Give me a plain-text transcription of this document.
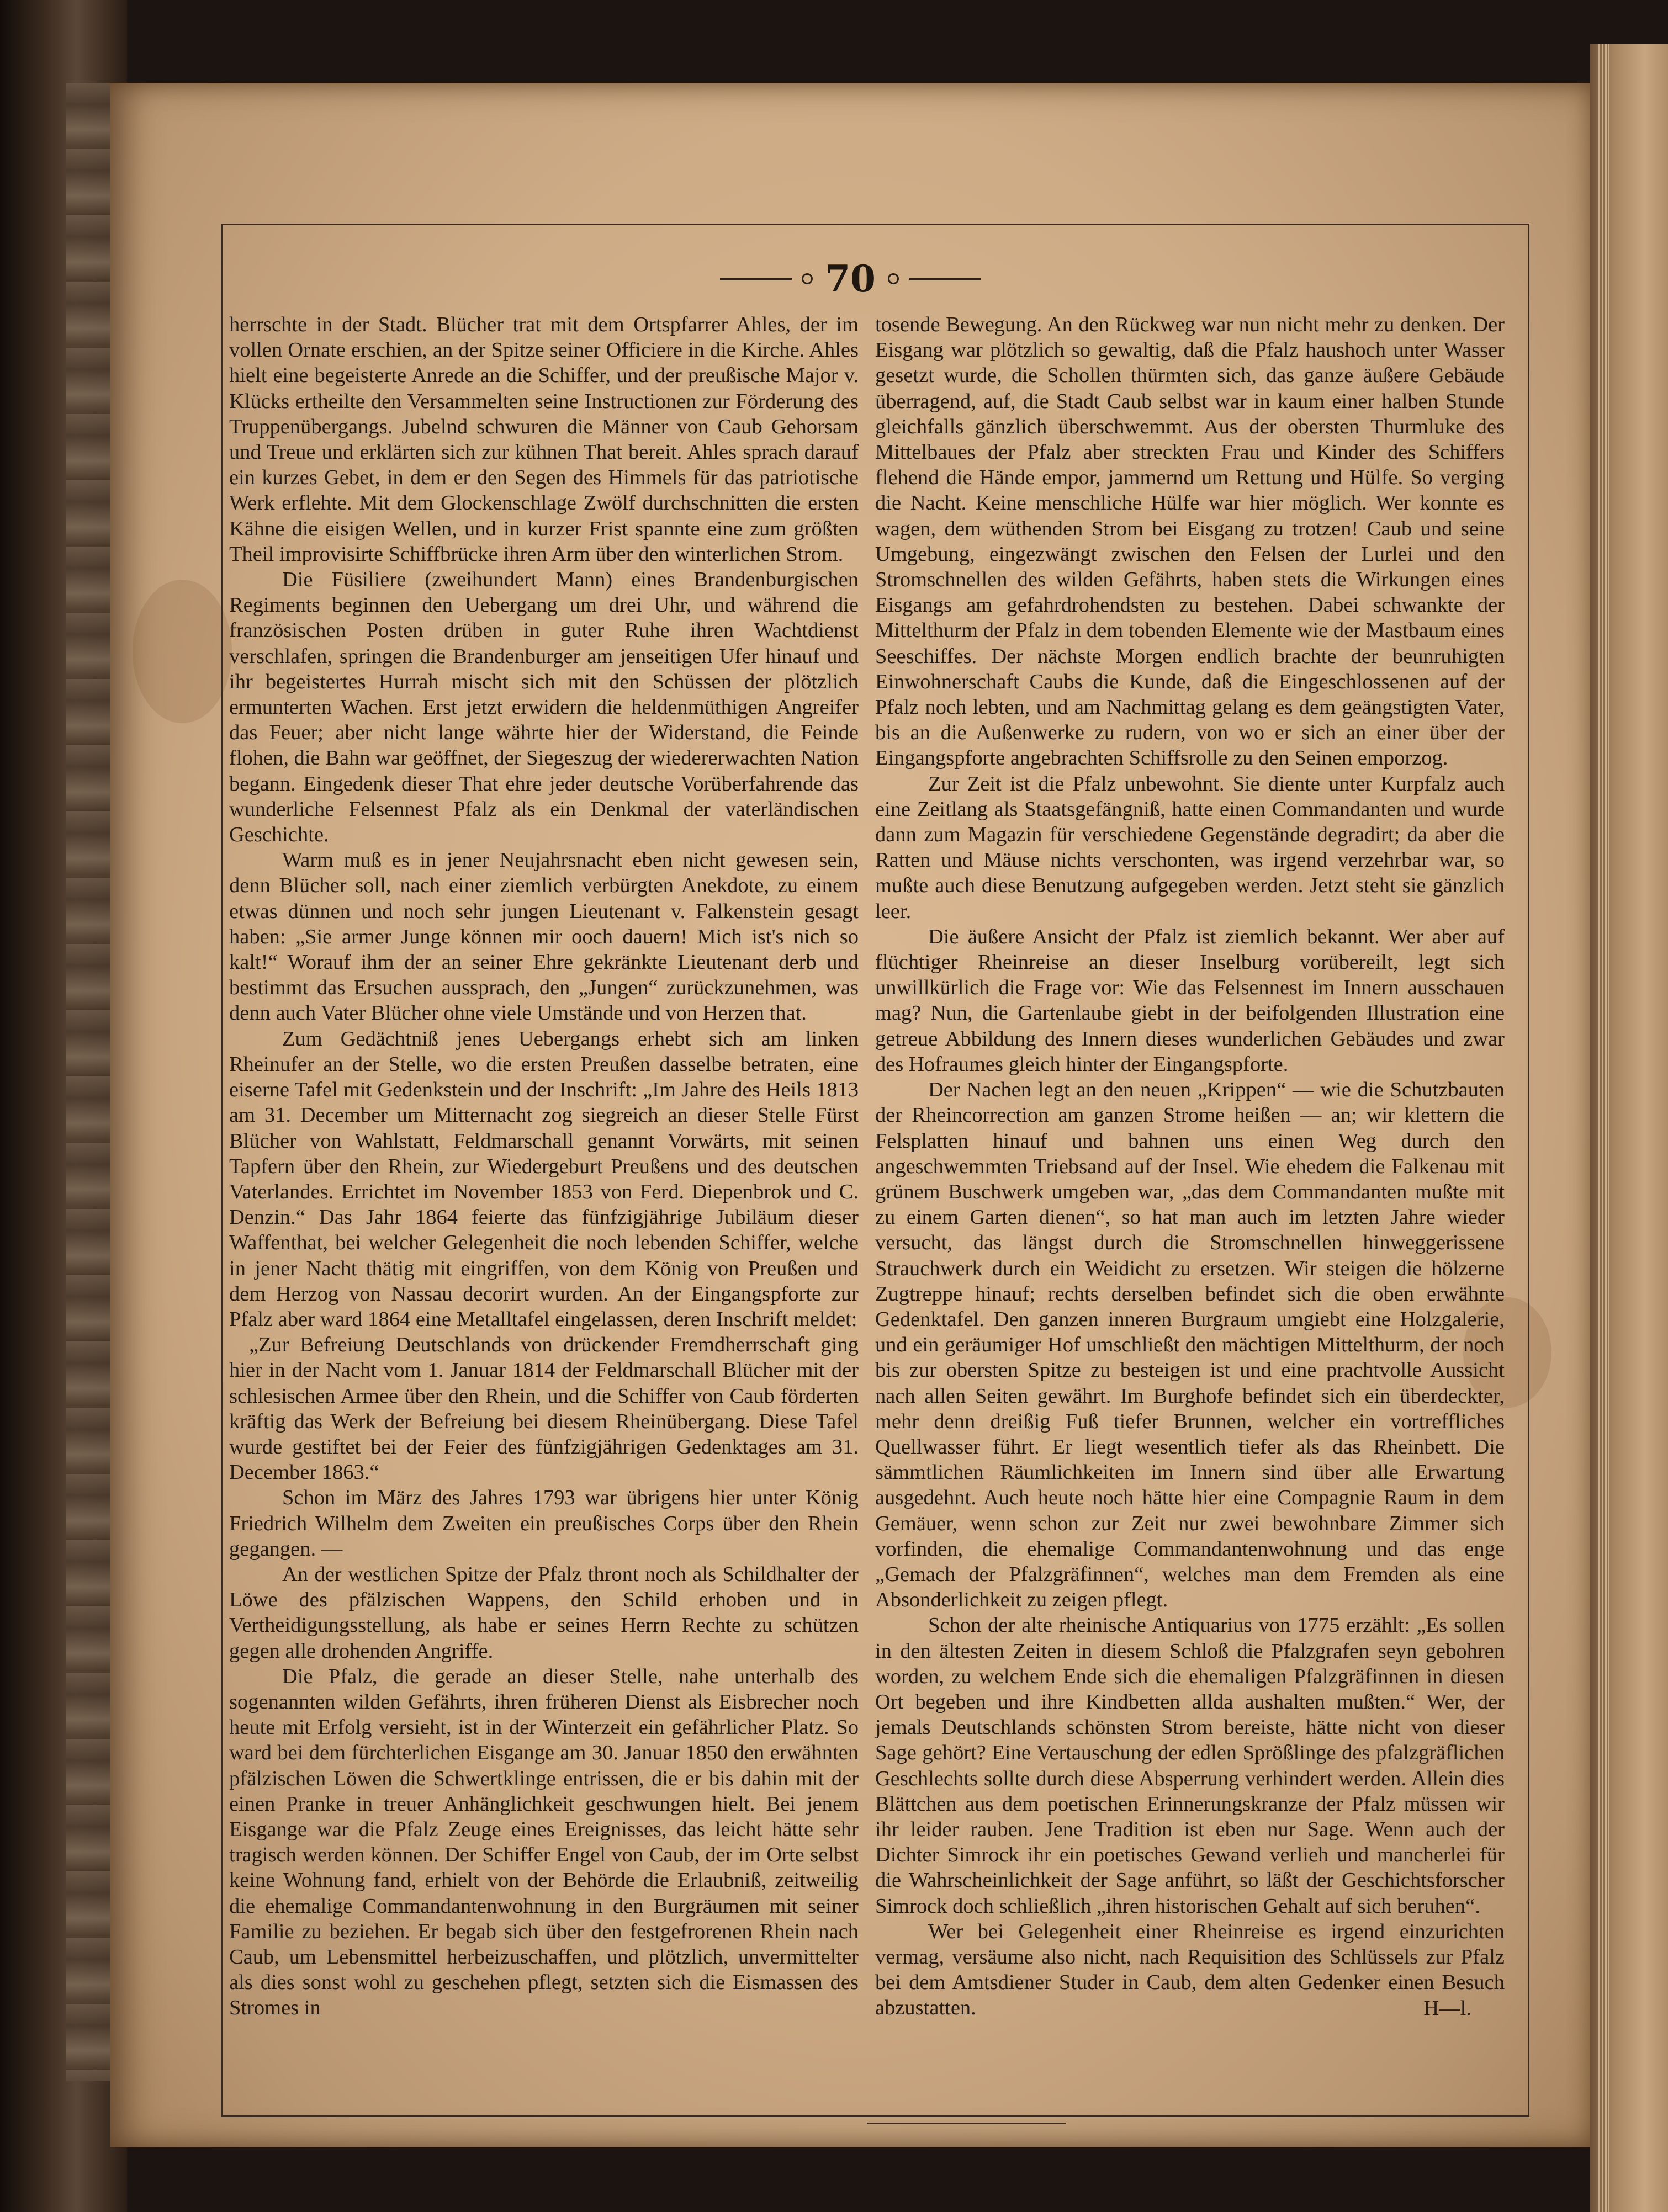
70

herrschte in der Stadt. Blücher trat mit dem Ortspfarrer Ahles, der im vollen Ornate erschien, an der Spitze seiner Officiere in die Kirche. Ahles hielt eine begeisterte Anrede an die Schiffer, und der preußische Major v. Klücks ertheilte den Versammelten seine Instructionen zur Förderung des Truppenübergangs. Jubelnd schwuren die Männer von Caub Gehorsam und Treue und erklärten sich zur kühnen That bereit. Ahles sprach darauf ein kurzes Gebet, in dem er den Segen des Himmels für das patriotische Werk erflehte. Mit dem Glockenschlage Zwölf durchschnitten die ersten Kähne die eisigen Wellen, und in kurzer Frist spannte eine zum größten Theil improvisirte Schiffbrücke ihren Arm über den winterlichen Strom.

Die Füsiliere (zweihundert Mann) eines Brandenburgischen Regiments beginnen den Uebergang um drei Uhr, und während die französischen Posten drüben in guter Ruhe ihren Wachtdienst verschlafen, springen die Brandenburger am jenseitigen Ufer hinauf und ihr begeistertes Hurrah mischt sich mit den Schüssen der plötzlich ermunterten Wachen. Erst jetzt erwidern die heldenmüthigen Angreifer das Feuer; aber nicht lange währte hier der Widerstand, die Feinde flohen, die Bahn war geöffnet, der Siegeszug der wiedererwachten Nation begann. Eingedenk dieser That ehre jeder deutsche Vorüberfahrende das wunderliche Felsennest Pfalz als ein Denkmal der vaterländischen Geschichte.

Warm muß es in jener Neujahrsnacht eben nicht gewesen sein, denn Blücher soll, nach einer ziemlich verbürgten Anekdote, zu einem etwas dünnen und noch sehr jungen Lieutenant v. Falkenstein gesagt haben: „Sie armer Junge können mir ooch dauern! Mich ist's nich so kalt!“ Worauf ihm der an seiner Ehre gekränkte Lieutenant derb und bestimmt das Ersuchen aussprach, den „Jungen“ zurückzunehmen, was denn auch Vater Blücher ohne viele Umstände und von Herzen that.

Zum Gedächtniß jenes Uebergangs erhebt sich am linken Rheinufer an der Stelle, wo die ersten Preußen dasselbe betraten, eine eiserne Tafel mit Gedenkstein und der Inschrift: „Im Jahre des Heils 1813 am 31. December um Mitternacht zog siegreich an dieser Stelle Fürst Blücher von Wahlstatt, Feldmarschall genannt Vorwärts, mit seinen Tapfern über den Rhein, zur Wiedergeburt Preußens und des deutschen Vaterlandes. Errichtet im November 1853 von Ferd. Diepenbrok und C. Denzin.“ Das Jahr 1864 feierte das fünfzigjährige Jubiläum dieser Waffenthat, bei welcher Gelegenheit die noch lebenden Schiffer, welche in jener Nacht thätig mit eingriffen, von dem König von Preußen und dem Herzog von Nassau decorirt wurden. An der Eingangspforte zur Pfalz aber ward 1864 eine Metalltafel eingelassen, deren Inschrift meldet:

„Zur Befreiung Deutschlands von drückender Fremdherrschaft ging hier in der Nacht vom 1. Januar 1814 der Feldmarschall Blücher mit der schlesischen Armee über den Rhein, und die Schiffer von Caub förderten kräftig das Werk der Befreiung bei diesem Rheinübergang. Diese Tafel wurde gestiftet bei der Feier des fünfzigjährigen Gedenktages am 31. December 1863.“

Schon im März des Jahres 1793 war übrigens hier unter König Friedrich Wilhelm dem Zweiten ein preußisches Corps über den Rhein gegangen. —

An der westlichen Spitze der Pfalz thront noch als Schildhalter der Löwe des pfälzischen Wappens, den Schild erhoben und in Vertheidigungsstellung, als habe er seines Herrn Rechte zu schützen gegen alle drohenden Angriffe.

Die Pfalz, die gerade an dieser Stelle, nahe unterhalb des sogenannten wilden Gefährts, ihren früheren Dienst als Eisbrecher noch heute mit Erfolg versieht, ist in der Winterzeit ein gefährlicher Platz. So ward bei dem fürchterlichen Eisgange am 30. Januar 1850 den erwähnten pfälzischen Löwen die Schwertklinge entrissen, die er bis dahin mit der einen Pranke in treuer Anhänglichkeit geschwungen hielt. Bei jenem Eisgange war die Pfalz Zeuge eines Ereignisses, das leicht hätte sehr tragisch werden können. Der Schiffer Engel von Caub, der im Orte selbst keine Wohnung fand, erhielt von der Behörde die Erlaubniß, zeitweilig die ehemalige Commandantenwohnung in den Burgräumen mit seiner Familie zu beziehen. Er begab sich über den festgefrorenen Rhein nach Caub, um Lebensmittel herbeizuschaffen, und plötzlich, unvermittelter als dies sonst wohl zu geschehen pflegt, setzten sich die Eismassen des Stromes in

tosende Bewegung. An den Rückweg war nun nicht mehr zu denken. Der Eisgang war plötzlich so gewaltig, daß die Pfalz haushoch unter Wasser gesetzt wurde, die Schollen thürmten sich, das ganze äußere Gebäude überragend, auf, die Stadt Caub selbst war in kaum einer halben Stunde gleichfalls gänzlich überschwemmt. Aus der obersten Thurmluke des Mittelbaues der Pfalz aber streckten Frau und Kinder des Schiffers flehend die Hände empor, jammernd um Rettung und Hülfe. So verging die Nacht. Keine menschliche Hülfe war hier möglich. Wer konnte es wagen, dem wüthenden Strom bei Eisgang zu trotzen! Caub und seine Umgebung, eingezwängt zwischen den Felsen der Lurlei und den Stromschnellen des wilden Gefährts, haben stets die Wirkungen eines Eisgangs am gefahrdrohendsten zu bestehen. Dabei schwankte der Mittelthurm der Pfalz in dem tobenden Elemente wie der Mastbaum eines Seeschiffes. Der nächste Morgen endlich brachte der beunruhigten Einwohnerschaft Caubs die Kunde, daß die Eingeschlossenen auf der Pfalz noch lebten, und am Nachmittag gelang es dem geängstigten Vater, bis an die Außenwerke zu rudern, von wo er sich an einer über der Eingangspforte angebrachten Schiffsrolle zu den Seinen emporzog.

Zur Zeit ist die Pfalz unbewohnt. Sie diente unter Kurpfalz auch eine Zeitlang als Staatsgefängniß, hatte einen Commandanten und wurde dann zum Magazin für verschiedene Gegenstände degradirt; da aber die Ratten und Mäuse nichts verschonten, was irgend verzehrbar war, so mußte auch diese Benutzung aufgegeben werden. Jetzt steht sie gänzlich leer.

Die äußere Ansicht der Pfalz ist ziemlich bekannt. Wer aber auf flüchtiger Rheinreise an dieser Inselburg vorübereilt, legt sich unwillkürlich die Frage vor: Wie das Felsennest im Innern ausschauen mag? Nun, die Gartenlaube giebt in der beifolgenden Illustration eine getreue Abbildung des Innern dieses wunderlichen Gebäudes und zwar des Hofraumes gleich hinter der Eingangspforte.

Der Nachen legt an den neuen „Krippen“ — wie die Schutzbauten der Rheincorrection am ganzen Strome heißen — an; wir klettern die Felsplatten hinauf und bahnen uns einen Weg durch den angeschwemmten Triebsand auf der Insel. Wie ehedem die Falkenau mit grünem Buschwerk umgeben war, „das dem Commandanten mußte mit zu einem Garten dienen“, so hat man auch im letzten Jahre wieder versucht, das längst durch die Stromschnellen hinweggerissene Strauchwerk durch ein Weidicht zu ersetzen. Wir steigen die hölzerne Zugtreppe hinauf; rechts derselben befindet sich die oben erwähnte Gedenktafel. Den ganzen inneren Burgraum umgiebt eine Holzgalerie, und ein geräumiger Hof umschließt den mächtigen Mittelthurm, der noch bis zur obersten Spitze zu besteigen ist und eine prachtvolle Aussicht nach allen Seiten gewährt. Im Burghofe befindet sich ein überdeckter, mehr denn dreißig Fuß tiefer Brunnen, welcher ein vortreffliches Quellwasser führt. Er liegt wesentlich tiefer als das Rheinbett. Die sämmtlichen Räumlichkeiten im Innern sind über alle Erwartung ausgedehnt. Auch heute noch hätte hier eine Compagnie Raum in dem Gemäuer, wenn schon zur Zeit nur zwei bewohnbare Zimmer sich vorfinden, die ehemalige Commandantenwohnung und das enge „Gemach der Pfalzgräfinnen“, welches man dem Fremden als eine Absonderlichkeit zu zeigen pflegt.

Schon der alte rheinische Antiquarius von 1775 erzählt: „Es sollen in den ältesten Zeiten in diesem Schloß die Pfalzgrafen seyn gebohren worden, zu welchem Ende sich die ehemaligen Pfalzgräfinnen in diesen Ort begeben und ihre Kindbetten allda aushalten mußten.“ Wer, der jemals Deutschlands schönsten Strom bereiste, hätte nicht von dieser Sage gehört? Eine Vertauschung der edlen Sprößlinge des pfalzgräflichen Geschlechts sollte durch diese Absperrung verhindert werden. Allein dies Blättchen aus dem poetischen Erinnerungskranze der Pfalz müssen wir ihr leider rauben. Jene Tradition ist eben nur Sage. Wenn auch der Dichter Simrock ihr ein poetisches Gewand verlieh und mancherlei für die Wahrscheinlichkeit der Sage anführt, so läßt der Geschichtsforscher Simrock doch schließlich „ihren historischen Gehalt auf sich beruhen“.

Wer bei Gelegenheit einer Rheinreise es irgend einzurichten vermag, versäume also nicht, nach Requisition des Schlüssels zur Pfalz bei dem Amtsdiener Studer in Caub, dem alten Gedenker einen Besuch abzustatten.	H—l.
